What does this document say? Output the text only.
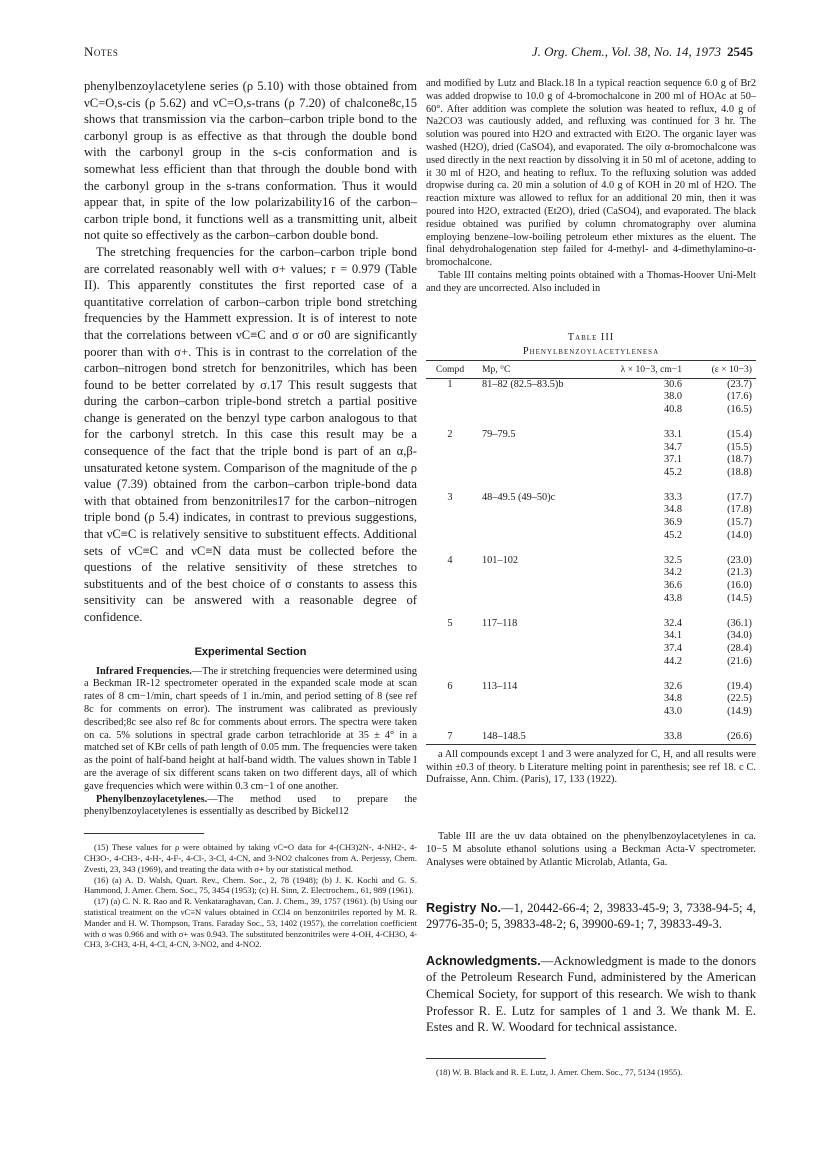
Notes	J. Org. Chem., Vol. 38, No. 14, 1973 2545

phenylbenzoylacetylene series (ρ 5.10) with those obtained from νC=O,s-cis (ρ 5.62) and νC=O,s-trans (ρ 7.20) of chalcone8c,15 shows that transmission via the carbon–carbon triple bond to the carbonyl group is as effective as that through the double bond with the carbonyl group in the s-cis conformation and is somewhat less efficient than that through the double bond with the carbonyl group in the s-trans conformation. Thus it would appear that, in spite of the low polarizability16 of the carbon–carbon triple bond, it functions well as a transmitting unit, albeit not quite so effectively as the carbon–carbon double bond.

The stretching frequencies for the carbon–carbon triple bond are correlated reasonably well with σ+ values; r = 0.979 (Table II). This apparently constitutes the first reported case of a quantitative correlation of carbon–carbon triple bond stretching frequencies by the Hammett expression. It is of interest to note that the correlations between νC≡C and σ or σ0 are significantly poorer than with σ+. This is in contrast to the correlation of the carbon–nitrogen bond stretch for benzonitriles, which has been found to be better correlated by σ.17 This result suggests that during the carbon–carbon triple-bond stretch a partial positive change is generated on the benzyl type carbon analogous to that for the carbonyl stretch. In this case this result may be a consequence of the fact that the triple bond is part of an α,β-unsaturated ketone system. Comparison of the magnitude of the ρ value (7.39) obtained from the carbon–carbon triple-bond data with that obtained from benzonitriles17 for the carbon–nitrogen triple bond (ρ 5.4) indicates, in contrast to previous suggestions, that νC≡C is relatively sensitive to substituent effects. Additional sets of νC≡C and νC≡N data must be collected before the questions of the relative sensitivity of these stretches to substituents and of the best choice of σ constants to assess this sensitivity can be answered with a reasonable degree of confidence.

Experimental Section

Infrared Frequencies.—The ir stretching frequencies were determined using a Beckman IR-12 spectrometer operated in the expanded scale mode at scan rates of 8 cm−1/min, chart speeds of 1 in./min, and period setting of 8 (see ref 8c for comments on error). The instrument was calibrated as previously described;8c see also ref 8c for comments about errors. The spectra were taken on ca. 5% solutions in spectral grade carbon tetrachloride at 35 ± 4° in a matched set of KBr cells of path length of 0.05 mm. The frequencies were taken as the point of half-band height at half-band width. The values shown in Table I are the average of six different scans taken on two different days, all of which gave frequencies which were within 0.3 cm−1 of one another.

Phenylbenzoylacetylenes.—The method used to prepare the phenylbenzoylacetylenes is essentially as described by Bickel12

(15) These values for ρ were obtained by taking νC=O data for 4-(CH3)2N-, 4-NH2-, 4-CH3O-, 4-CH3-, 4-H-, 4-F-, 4-Cl-, 3-Cl, 4-CN, and 3-NO2 chalcones from A. Perjessy, Chem. Zvesti, 23, 343 (1969), and treating the data with σ+ by our statistical method.

(16) (a) A. D. Walsh, Quart. Rev., Chem. Soc., 2, 78 (1948); (b) J. K. Kochi and G. S. Hammond, J. Amer. Chem. Soc., 75, 3454 (1953); (c) H. Sinn, Z. Electrochem., 61, 989 (1961).

(17) (a) C. N. R. Rao and R. Venkataraghavan, Can. J. Chem., 39, 1757 (1961). (b) Using our statistical treatment on the νC≡N values obtained in CCl4 on benzonitriles reported by M. R. Mander and H. W. Thompson, Trans. Faraday Soc., 53, 1402 (1957), the correlation coefficient with σ was 0.966 and with σ+ was 0.943. The substituted benzonitriles were 4-OH, 4-CH3O, 4-CH3, 3-CH3, 4-H, 4-Cl, 4-CN, 3-NO2, and 4-NO2.

and modified by Lutz and Black.18 In a typical reaction sequence 6.0 g of Br2 was added dropwise to 10.0 g of 4-bromochalcone in 200 ml of HOAc at 50–60°. After addition was complete the solution was heated to reflux, 4.0 g of Na2CO3 was cautiously added, and refluxing was continued for 3 hr. The solution was poured into H2O and extracted with Et2O. The organic layer was washed (H2O), dried (CaSO4), and evaporated. The oily α-bromochalcone was used directly in the next reaction by dissolving it in 50 ml of acetone, adding to it 30 ml of H2O, and heating to reflux. To the refluxing solution was added dropwise during ca. 20 min a solution of 4.0 g of KOH in 20 ml of H2O. The reaction mixture was allowed to reflux for an additional 20 min, then it was poured into H2O, extracted (Et2O), dried (CaSO4), and evaporated. The black residue obtained was purified by column chromatography over alumina employing benzene–low-boiling petroleum ether mixtures as the eluent. The final dehydrohalogenation step failed for 4-methyl- and 4-dimethylamino-α-bromochalcone.

Table III contains melting points obtained with a Thomas-Hoover Uni-Melt and they are uncorrected. Also included in

Table III
Phenylbenzoylacetylenesa
Compd	Mp, °C	λ × 10−3, cm−1	(ε × 10−3)
1	81–82 (82.5–83.5)b	30.6	(23.7)
		38.0	(17.6)
		40.8	(16.5)

2	79–79.5	33.1	(15.4)
		34.7	(15.5)
		37.1	(18.7)
		45.2	(18.8)

3	48–49.5 (49–50)c	33.3	(17.7)
		34.8	(17.8)
		36.9	(15.7)
		45.2	(14.0)

4	101–102	32.5	(23.0)
		34.2	(21.3)
		36.6	(16.0)
		43.8	(14.5)

5	117–118	32.4	(36.1)
		34.1	(34.0)
		37.4	(28.4)
		44.2	(21.6)

6	113–114	32.6	(19.4)
		34.8	(22.5)
		43.0	(14.9)

7	148–148.5	33.8	(26.6)

a All compounds except 1 and 3 were analyzed for C, H, and all results were within ±0.3 of theory. b Literature melting point in parenthesis; see ref 18. c C. Dufraisse, Ann. Chim. (Paris), 17, 133 (1922).

Table III are the uv data obtained on the phenylbenzoylacetylenes in ca. 10−5 M absolute ethanol solutions using a Beckman Acta-V spectrometer. Analyses were obtained by Atlantic Microlab, Atlanta, Ga.

Registry No.—1, 20442-66-4; 2, 39833-45-9; 3, 7338-94-5; 4, 29776-35-0; 5, 39833-48-2; 6, 39900-69-1; 7, 39833-49-3.
Acknowledgments.—Acknowledgment is made to the donors of the Petroleum Research Fund, administered by the American Chemical Society, for support of this research. We wish to thank Professor R. E. Lutz for samples of 1 and 3. We thank M. E. Estes and R. W. Woodard for technical assistance.

(18) W. B. Black and R. E. Lutz, J. Amer. Chem. Soc., 77, 5134 (1955).
